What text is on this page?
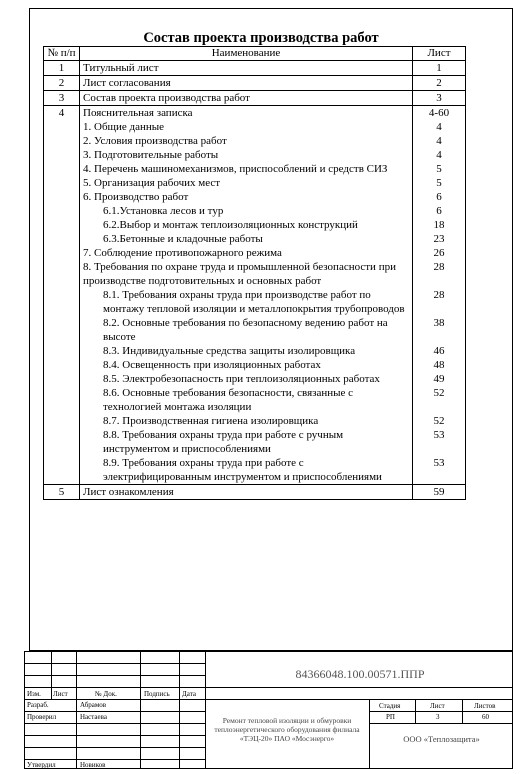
Состав проекта производства работ
№ п/п	Наименование	Лист
1	Титульный лист	1
2	Лист согласования	2
3	Состав проекта производства работ	3
4	Пояснительная записка	4-60
	1. Общие данные	4
	2. Условия производства работ	4
	3. Подготовительные работы	4
	4. Перечень машиномеханизмов, приспособлений и средств СИЗ	5
	5. Организация рабочих мест	5
	6. Производство работ	6

	6.1.Установка лесов и тур	6

	6.2.Выбор и монтаж теплоизоляционных конструкций	18

	6.3.Бетонные и кладочные работы	23
	7. Соблюдение противопожарного режима	26
	8. Требования по охране труда и промышленной безопасности при производстве подготовительных и основных работ	28

	8.1. Требования охраны труда при производстве работ по монтажу тепловой изоляции и металлопокрытия трубопроводов	28

	8.2. Основные требования по безопасному ведению работ на высоте	38

	8.3. Индивидуальные средства защиты изолировщика	46

	8.4. Освещенность при изоляционных работах	48

	8.5. Электробезопасность при теплоизоляционных работах	49

	8.6. Основные требования безопасности, связанные с технологией монтажа изоляции	52

	8.7. Производственная гигиена изолировщика	52

	8.8. Требования охраны труда при работе с ручным инструментом и приспособлениями	53

	8.9. Требования охраны труда при работе с электрифицированным инструментом и приспособлениями	53
5	Лист ознакомления	59
Изм. Лист	№ Док.	Подпись Дата
Разраб.	Абрамов
Проверил	Настаева
Утвердил	Новиков
84366048.100.00571.ППР
Ремонт тепловой изоляции и обмуровки теплоэнергетического оборудования филиала «ТЭЦ-20» ПАО «Мосэнерго»
Стадия	Лист	Листов
РП	3	60
ООО «Теплозащита»
